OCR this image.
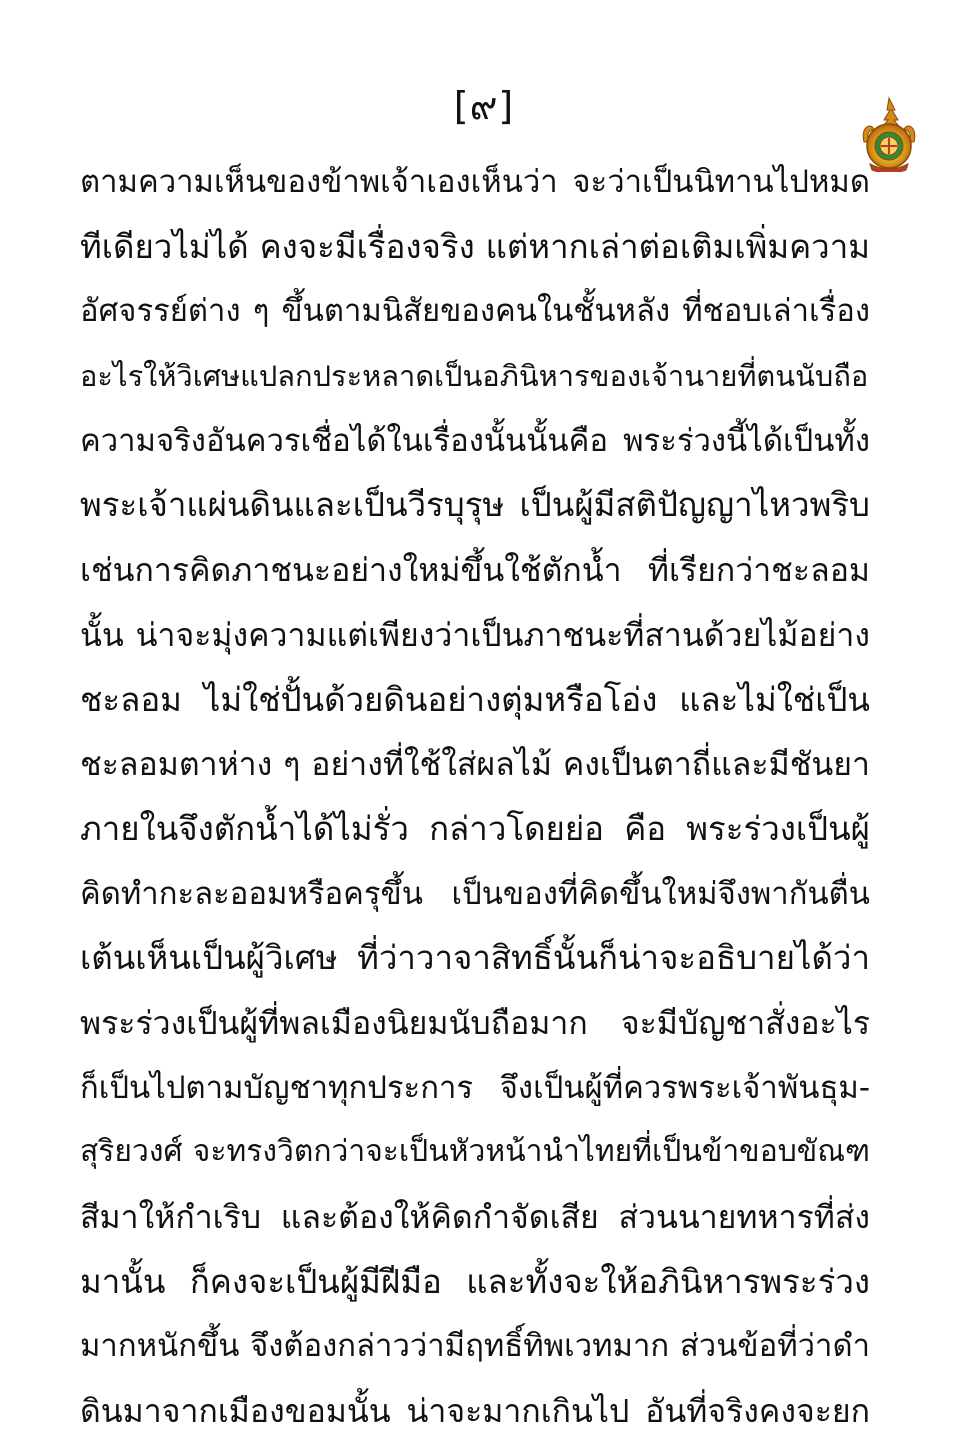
[๙]
ตามความเห็นของข้าพเจ้าเองเห็นว่า จะว่าเป็นนิทานไปหมด
ทีเดียวไม่ได้ คงจะมีเรื่องจริง แต่หากเล่าต่อเติมเพิ่มความ
อัศจรรย์ต่าง ๆ ขึ้นตามนิสัยของคนในชั้นหลัง ที่ชอบเล่าเรื่อง
อะไรให้วิเศษแปลกประหลาดเป็นอภินิหารของเจ้านายที่ตนนับถือ
ความจริงอันควรเชื่อได้ในเรื่องนั้นนั้นคือ พระร่วงนี้ได้เป็นทั้ง
พระเจ้าแผ่นดินและเป็นวีรบุรุษ เป็นผู้มีสติปัญญาไหวพริบ
เช่นการคิดภาชนะอย่างใหม่ขึ้นใช้ตักน้ำ ที่เรียกว่าชะลอม
นั้น น่าจะมุ่งความแต่เพียงว่าเป็นภาชนะที่สานด้วยไม้อย่าง
ชะลอม ไม่ใช่ปั้นด้วยดินอย่างตุ่มหรือโอ่ง และไม่ใช่เป็น
ชะลอมตาห่าง ๆ อย่างที่ใช้ใส่ผลไม้ คงเป็นตาถี่และมีชันยา
ภายในจึงตักน้ำได้ไม่รั่ว กล่าวโดยย่อ คือ พระร่วงเป็นผู้
คิดทำกะละออมหรือครุขึ้น เป็นของที่คิดขึ้นใหม่จึงพากันตื่น
เต้นเห็นเป็นผู้วิเศษ ที่ว่าวาจาสิทธิ์นั้นก็น่าจะอธิบายได้ว่า
พระร่วงเป็นผู้ที่พลเมืองนิยมนับถือมาก จะมีบัญชาสั่งอะไร
ก็เป็นไปตามบัญชาทุกประการ จึงเป็นผู้ที่ควรพระเจ้าพันธุม-
สุริยวงศ์ จะทรงวิตกว่าจะเป็นหัวหน้านำไทยที่เป็นข้าขอบขัณฑ
สีมาให้กำเริบ และต้องให้คิดกำจัดเสีย ส่วนนายทหารที่ส่ง
มานั้น ก็คงจะเป็นผู้มีฝีมือ และทั้งจะให้อภินิหารพระร่วง
มากหนักขึ้น จึงต้องกล่าวว่ามีฤทธิ์ทิพเวทมาก ส่วนข้อที่ว่าดำ
ดินมาจากเมืองขอมนั้น น่าจะมากเกินไป อันที่จริงคงจะยก
